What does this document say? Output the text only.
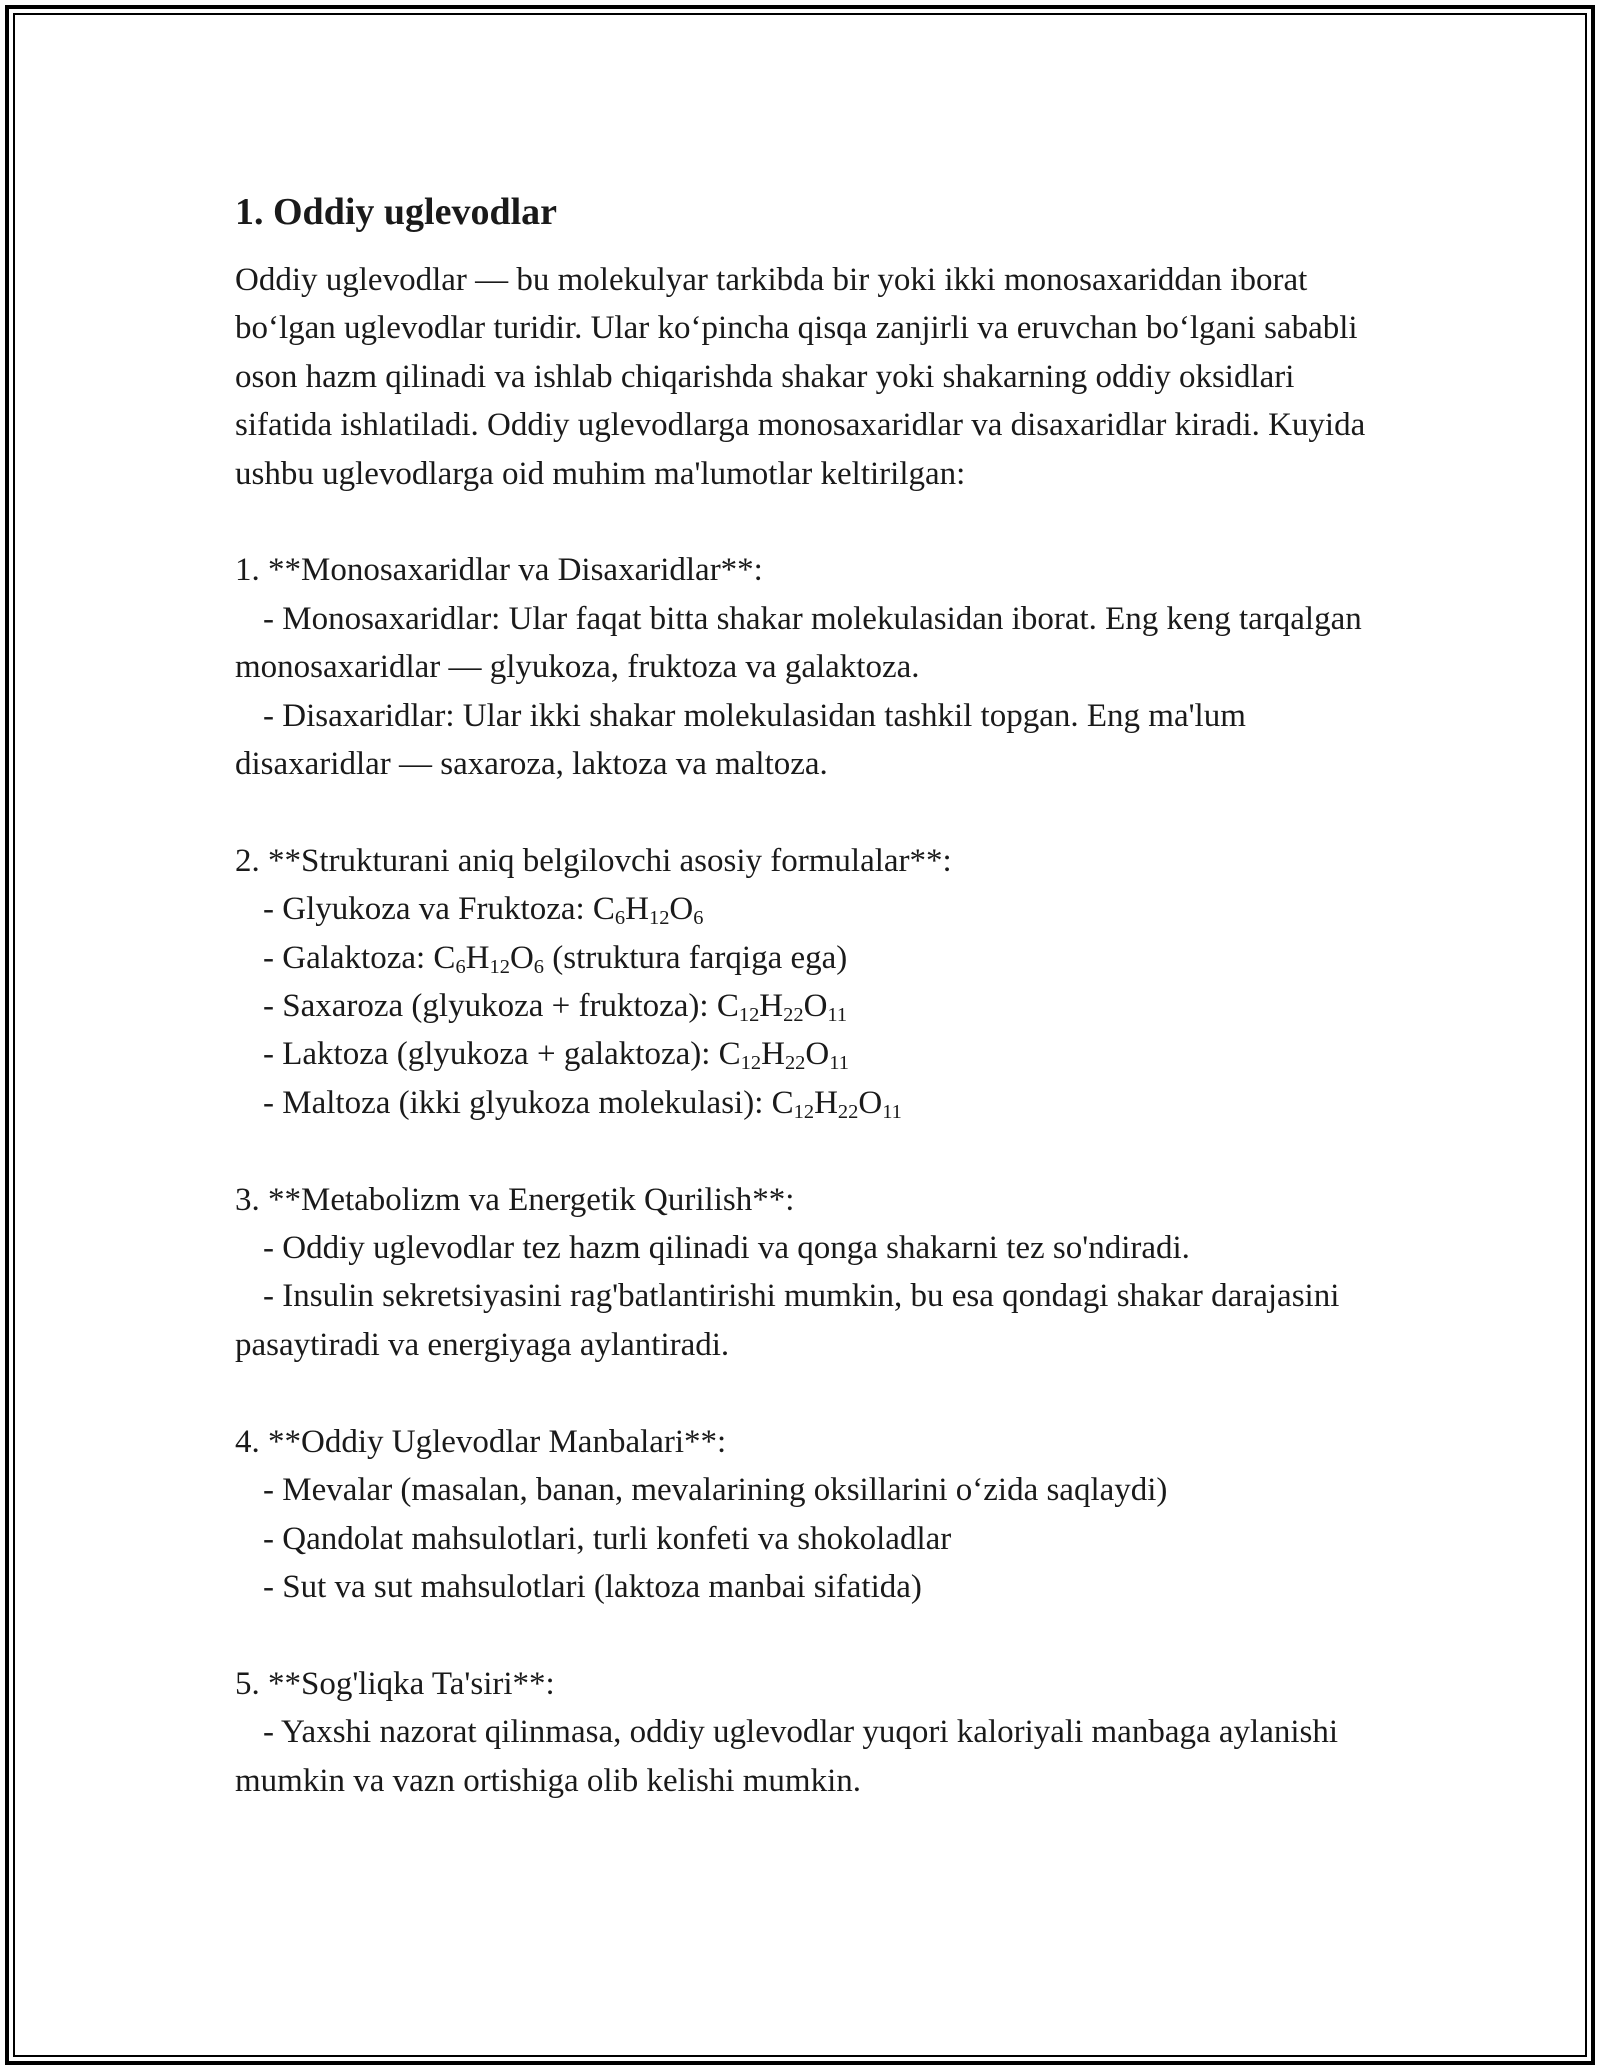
1. Oddiy uglevodlar

Oddiy uglevodlar — bu molekulyar tarkibda bir yoki ikki monosaxariddan iborat bo‘lgan uglevodlar turidir. Ular ko‘pincha qisqa zanjirli va eruvchan bo‘lgani sababli oson hazm qilinadi va ishlab chiqarishda shakar yoki shakarning oddiy oksidlari sifatida ishlatiladi. Oddiy uglevodlarga monosaxaridlar va disaxaridlar kiradi. Kuyida ushbu uglevodlarga oid muhim ma'lumotlar keltirilgan:

1. **Monosaxaridlar va Disaxaridlar**:

- Monosaxaridlar: Ular faqat bitta shakar molekulasidan iborat. Eng keng tarqalgan monosaxaridlar — glyukoza, fruktoza va galaktoza.

- Disaxaridlar: Ular ikki shakar molekulasidan tashkil topgan. Eng ma'lum disaxaridlar — saxaroza, laktoza va maltoza.

2. **Strukturani aniq belgilovchi asosiy formulalar**:

- Glyukoza va Fruktoza: $C_6H_{12}O_6$

- Galaktoza: $C_6H_{12}O_6$ (struktura farqiga ega)

- Saxaroza (glyukoza + fruktoza): $C_{12}H_{22}O_{11}$

- Laktoza (glyukoza + galaktoza): $C_{12}H_{22}O_{11}$

- Maltoza (ikki glyukoza molekulasi): $C_{12}H_{22}O_{11}$

3. **Metabolizm va Energetik Qurilish**:

- Oddiy uglevodlar tez hazm qilinadi va qonga shakarni tez so'ndiradi.

- Insulin sekretsiyasini rag'batlantirishi mumkin, bu esa qondagi shakar darajasini pasaytiradi va energiyaga aylantiradi.

4. **Oddiy Uglevodlar Manbalari**:

- Mevalar (masalan, banan, mevalarining oksillarini o‘zida saqlaydi)

- Qandolat mahsulotlari, turli konfeti va shokoladlar

- Sut va sut mahsulotlari (laktoza manbai sifatida)

5. **Sog'liqka Ta'siri**:

- Yaxshi nazorat qilinmasa, oddiy uglevodlar yuqori kaloriyali manbaga aylanishi mumkin va vazn ortishiga olib kelishi mumkin.
